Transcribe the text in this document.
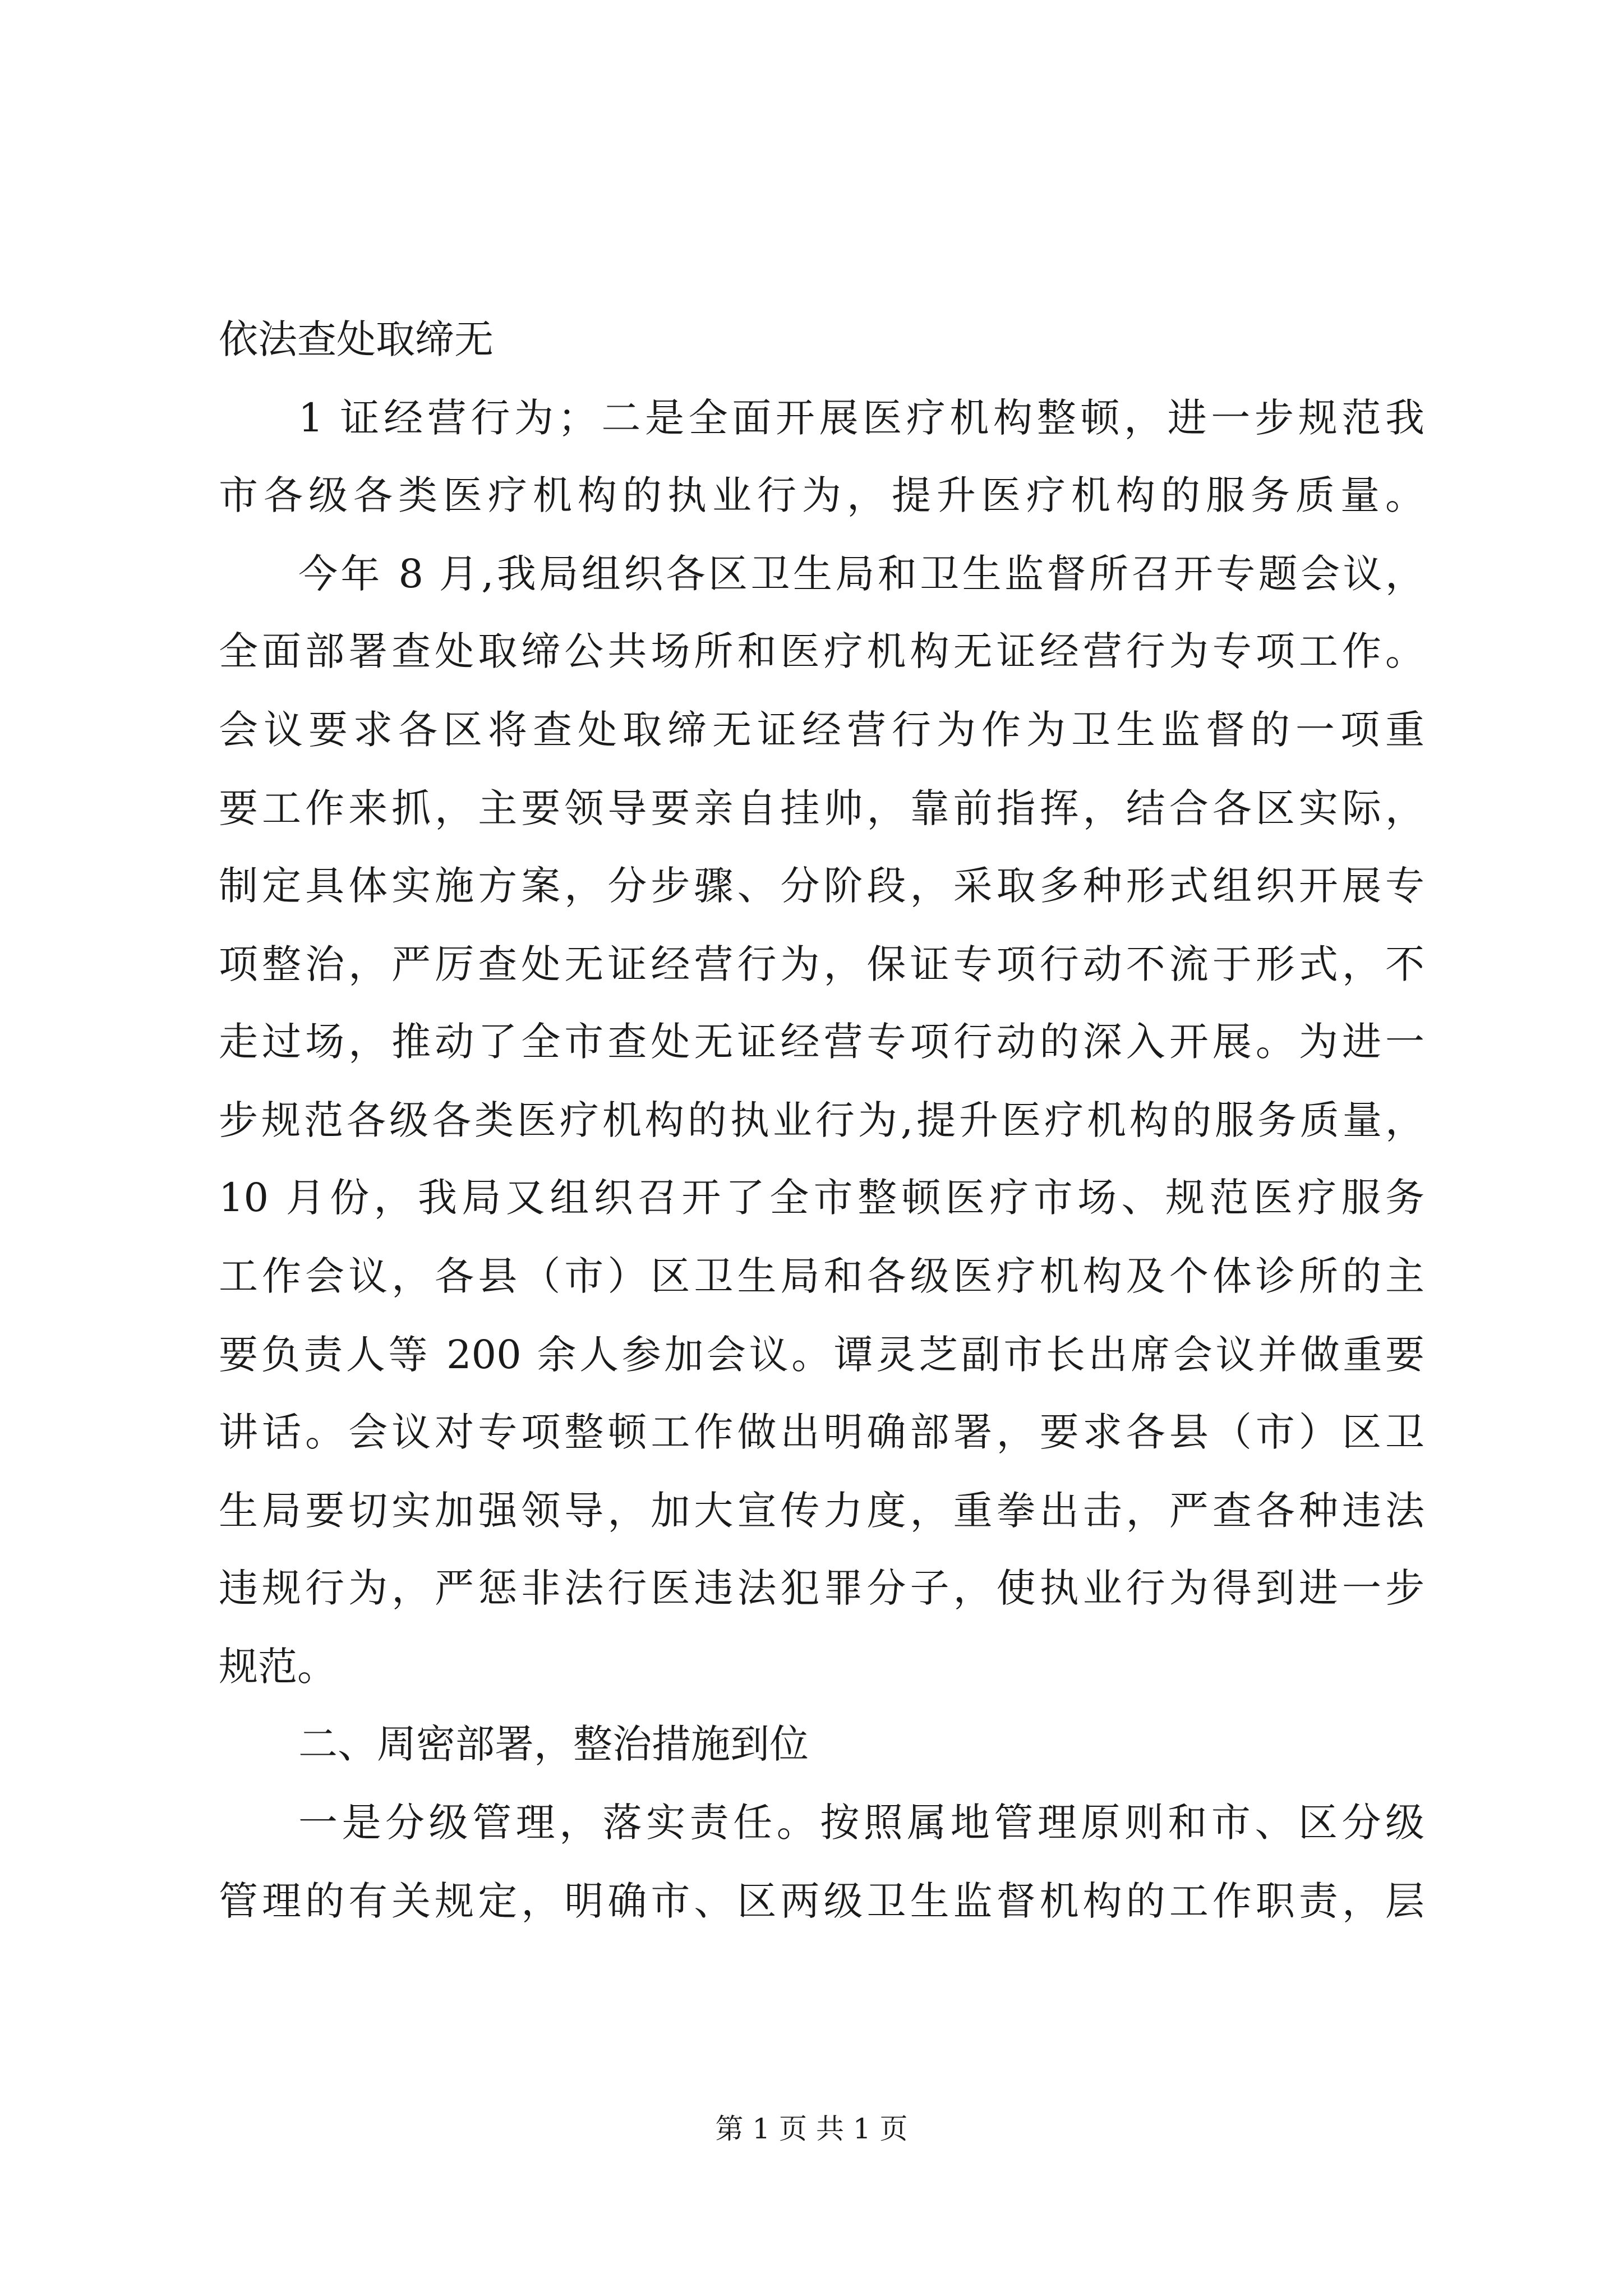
依法查处取缔无

1 证经营行为；二是全面开展医疗机构整顿，进一步规范我

市各级各类医疗机构的执业行为，提升医疗机构的服务质量。

今年 8 月,我局组织各区卫生局和卫生监督所召开专题会议，

全面部署查处取缔公共场所和医疗机构无证经营行为专项工作。

会议要求各区将查处取缔无证经营行为作为卫生监督的一项重

要工作来抓，主要领导要亲自挂帅，靠前指挥，结合各区实际，

制定具体实施方案，分步骤、分阶段，采取多种形式组织开展专

项整治，严厉查处无证经营行为，保证专项行动不流于形式，不

走过场，推动了全市查处无证经营专项行动的深入开展。为进一

步规范各级各类医疗机构的执业行为,提升医疗机构的服务质量，

10 月份，我局又组织召开了全市整顿医疗市场、规范医疗服务

工作会议，各县（市）区卫生局和各级医疗机构及个体诊所的主

要负责人等 200 余人参加会议。谭灵芝副市长出席会议并做重要

讲话。会议对专项整顿工作做出明确部署，要求各县（市）区卫

生局要切实加强领导，加大宣传力度，重拳出击，严查各种违法

违规行为，严惩非法行医违法犯罪分子，使执业行为得到进一步

规范。

二、周密部署，整治措施到位

一是分级管理，落实责任。按照属地管理原则和市、区分级

管理的有关规定，明确市、区两级卫生监督机构的工作职责，层

第 1 页 共 1 页
